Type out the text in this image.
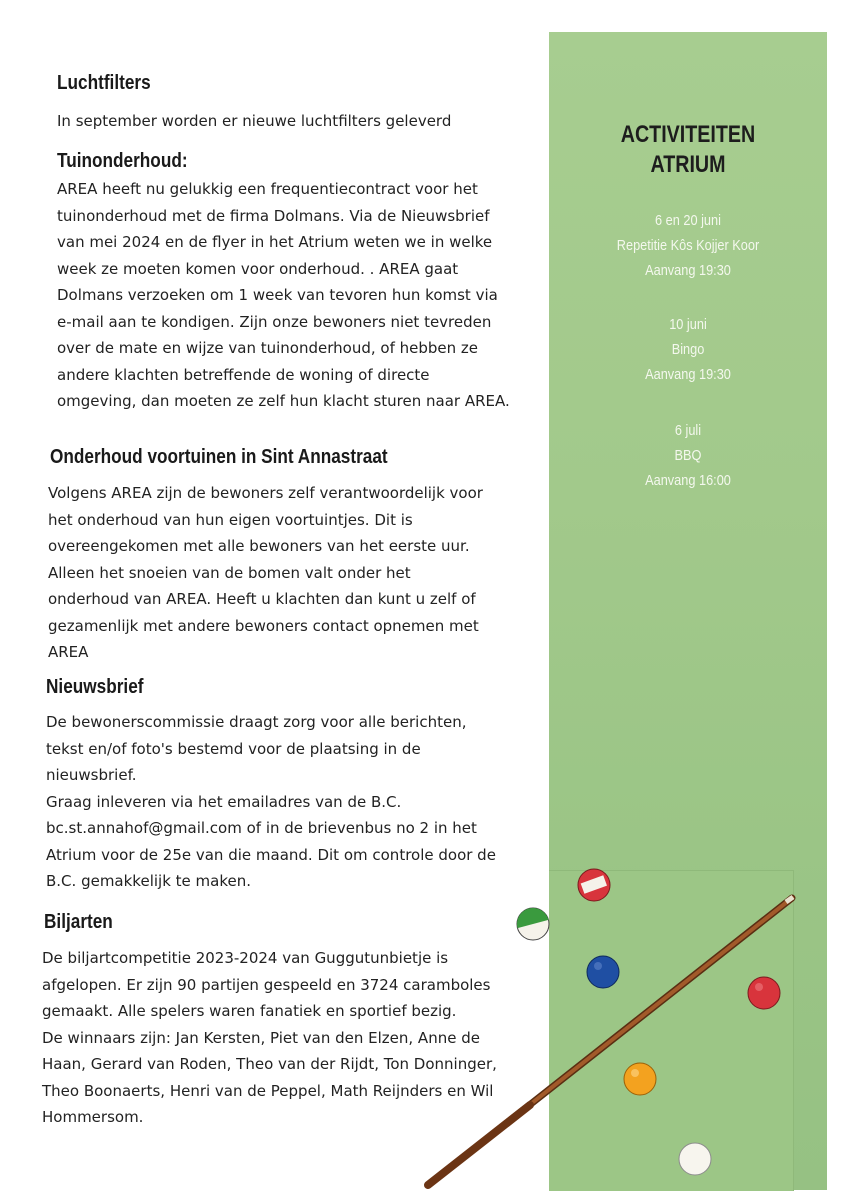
Luchtfilters

In september worden er nieuwe luchtfilters geleverd

Tuinonderhoud:

AREA heeft nu gelukkig een frequentiecontract voor het
tuinonderhoud met de firma Dolmans. Via de Nieuwsbrief
van mei 2024 en de flyer in het Atrium weten we in welke
week ze moeten komen voor onderhoud. . AREA gaat
Dolmans verzoeken om 1 week van tevoren hun komst via
e-mail aan te kondigen. Zijn onze bewoners niet tevreden
over de mate en wijze van tuinonderhoud, of hebben ze
andere klachten betreffende de woning of directe
omgeving, dan moeten ze zelf hun klacht sturen naar AREA.

Onderhoud voortuinen in Sint Annastraat

Volgens AREA zijn de bewoners zelf verantwoordelijk voor
het onderhoud van hun eigen voortuintjes. Dit is
overeengekomen met alle bewoners van het eerste uur.
Alleen het snoeien van de bomen valt onder het
onderhoud van AREA. Heeft u klachten dan kunt u zelf of
gezamenlijk met andere bewoners contact opnemen met
AREA

Nieuwsbrief

De bewonerscommissie draagt zorg voor alle berichten,
tekst en/of foto's bestemd voor de plaatsing in de
nieuwsbrief.
Graag inleveren via het emailadres van de B.C.
bc.st.annahof@gmail.com of in de brievenbus no 2 in het
Atrium voor de 25e van die maand. Dit om controle door de
B.C. gemakkelijk te maken.

Biljarten

De biljartcompetitie 2023-2024 van Guggutunbietje is
afgelopen. Er zijn 90 partijen gespeeld en 3724 caramboles
gemaakt. Alle spelers waren fanatiek en sportief bezig.
De winnaars zijn: Jan Kersten, Piet van den Elzen, Anne de
Haan, Gerard van Roden, Theo van der Rijdt, Ton Donninger,
Theo Boonaerts, Henri van de Peppel, Math Reijnders en Wil
Hommersom.

ACTIVITEITEN
ATRIUM
6 en 20 juni
Repetitie Kôs Kojjer Koor
Aanvang 19:30
10 juni
Bingo
Aanvang 19:30
6 juli
BBQ
Aanvang 16:00
